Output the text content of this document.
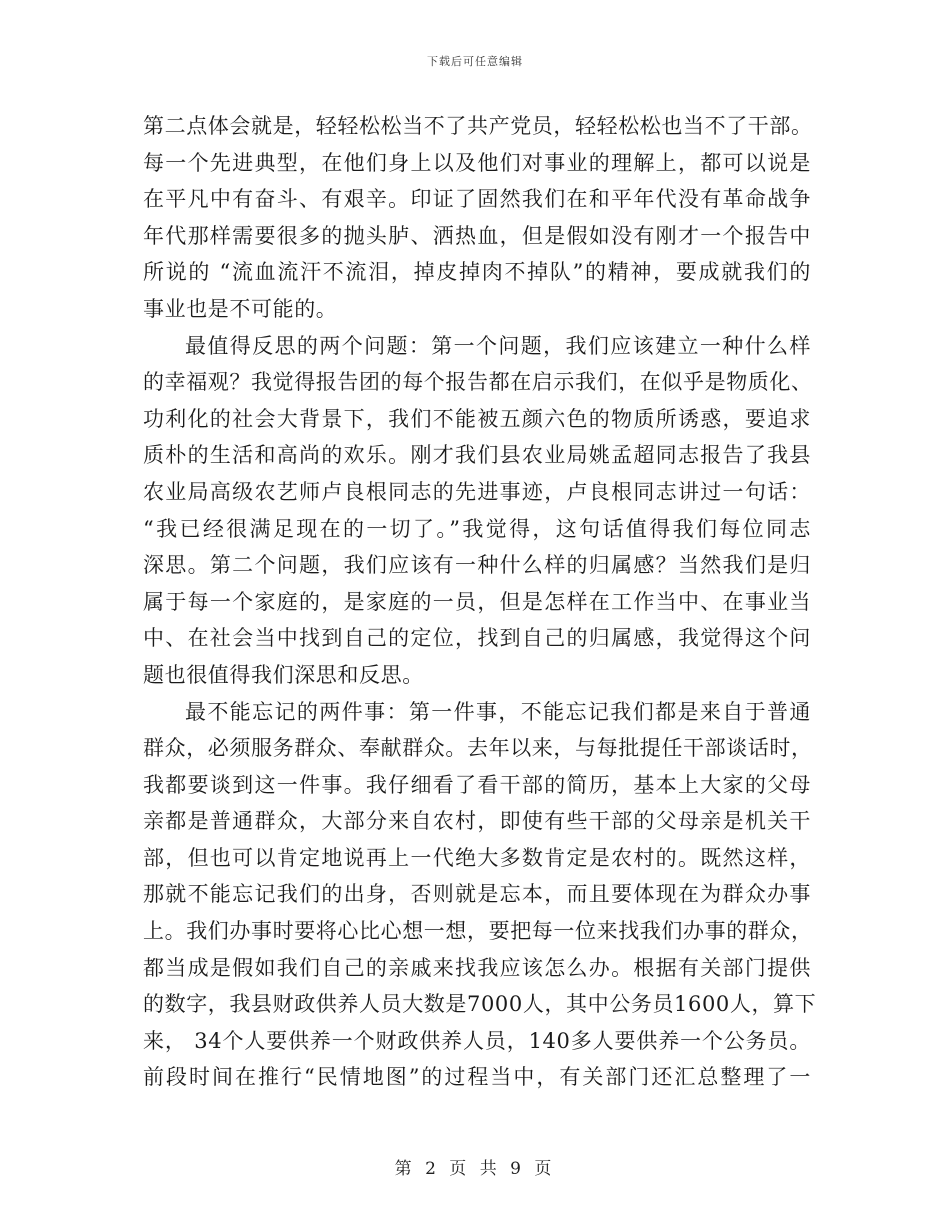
下载后可任意编辑
第二点体会就是，轻轻松松当不了共产党员，轻轻松松也当不了干部。
每一个先进典型，在他们身上以及他们对事业的理解上，都可以说是
在平凡中有奋斗、有艰辛。印证了固然我们在和平年代没有革命战争
年代那样需要很多的抛头胪、洒热血，但是假如没有刚才一个报告中
所说的 “流血流汗不流泪，掉皮掉肉不掉队”的精神，要成就我们的
事业也是不可能的。
最值得反思的两个问题：第一个问题，我们应该建立一种什么样
的幸福观？我觉得报告团的每个报告都在启示我们，在似乎是物质化、
功利化的社会大背景下，我们不能被五颜六色的物质所诱惑，要追求
质朴的生活和高尚的欢乐。刚才我们县农业局姚孟超同志报告了我县
农业局高级农艺师卢良根同志的先进事迹，卢良根同志讲过一句话：
“我已经很满足现在的一切了。”我觉得，这句话值得我们每位同志
深思。第二个问题，我们应该有一种什么样的归属感？当然我们是归
属于每一个家庭的，是家庭的一员，但是怎样在工作当中、在事业当
中、在社会当中找到自己的定位，找到自己的归属感，我觉得这个问
题也很值得我们深思和反思。
最不能忘记的两件事：第一件事，不能忘记我们都是来自于普通
群众，必须服务群众、奉献群众。去年以来，与每批提任干部谈话时，
我都要谈到这一件事。我仔细看了看干部的简历，基本上大家的父母
亲都是普通群众，大部分来自农村，即使有些干部的父母亲是机关干
部，但也可以肯定地说再上一代绝大多数肯定是农村的。既然这样，
那就不能忘记我们的出身，否则就是忘本，而且要体现在为群众办事
上。我们办事时要将心比心想一想，要把每一位来找我们办事的群众，
都当成是假如我们自己的亲戚来找我应该怎么办。根据有关部门提供
的数字，我县财政供养人员大数是7000人，其中公务员1600人，算下
来， 34个人要供养一个财政供养人员，140多人要供养一个公务员。
前段时间在推行“民情地图”的过程当中，有关部门还汇总整理了一
第 2 页 共 9 页
